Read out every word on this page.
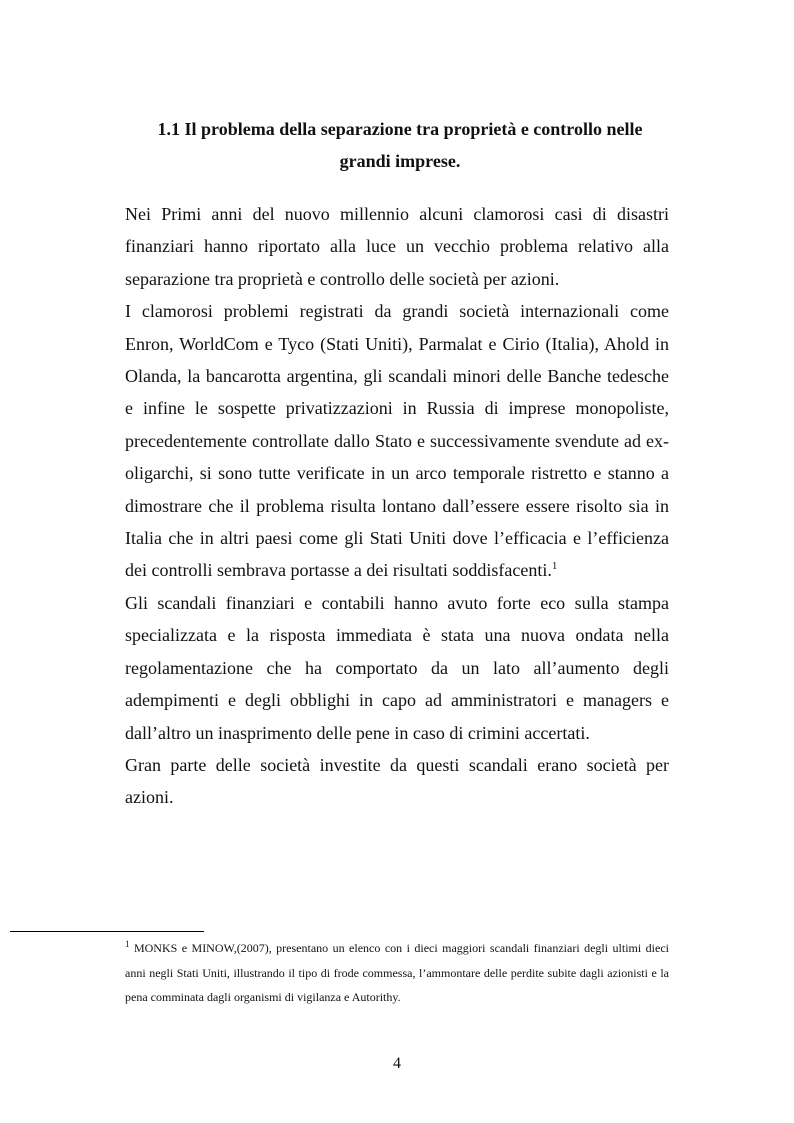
1.1 Il problema della separazione tra proprietà e controllo nelle
grandi imprese.

Nei Primi anni del nuovo millennio alcuni clamorosi casi di disastri finanziari hanno riportato alla luce un vecchio problema relativo alla separazione tra proprietà e controllo delle società per azioni.

I clamorosi problemi registrati da grandi società internazionali come Enron, WorldCom e Tyco (Stati Uniti), Parmalat e Cirio (Italia), Ahold in Olanda, la bancarotta argentina, gli scandali minori delle Banche tedesche e infine le sospette privatizzazioni in Russia di imprese monopoliste, precedentemente controllate dallo Stato e successivamente svendute ad ex-oligarchi, si sono tutte verificate in un arco temporale ristretto e stanno a dimostrare che il problema risulta lontano dall’essere essere risolto sia in Italia che in altri paesi come gli Stati Uniti dove l’efficacia e l’efficienza dei controlli sembrava portasse a dei risultati soddisfacenti.$^1$

Gli scandali finanziari e contabili hanno avuto forte eco sulla stampa specializzata e la risposta immediata è stata una nuova ondata nella regolamentazione che ha comportato da un lato all’aumento degli adempimenti e degli obblighi in capo ad amministratori e managers e dall’altro un inasprimento delle pene in caso di crimini accertati.

Gran parte delle società investite da questi scandali erano società per azioni.

$^1$ MONKS e MINOW,(2007), presentano un elenco con i dieci maggiori scandali finanziari degli ultimi dieci anni negli Stati Uniti, illustrando il tipo di frode commessa, l’ammontare delle perdite subite dagli azionisti e la pena comminata dagli organismi di vigilanza e Autorithy.
4
